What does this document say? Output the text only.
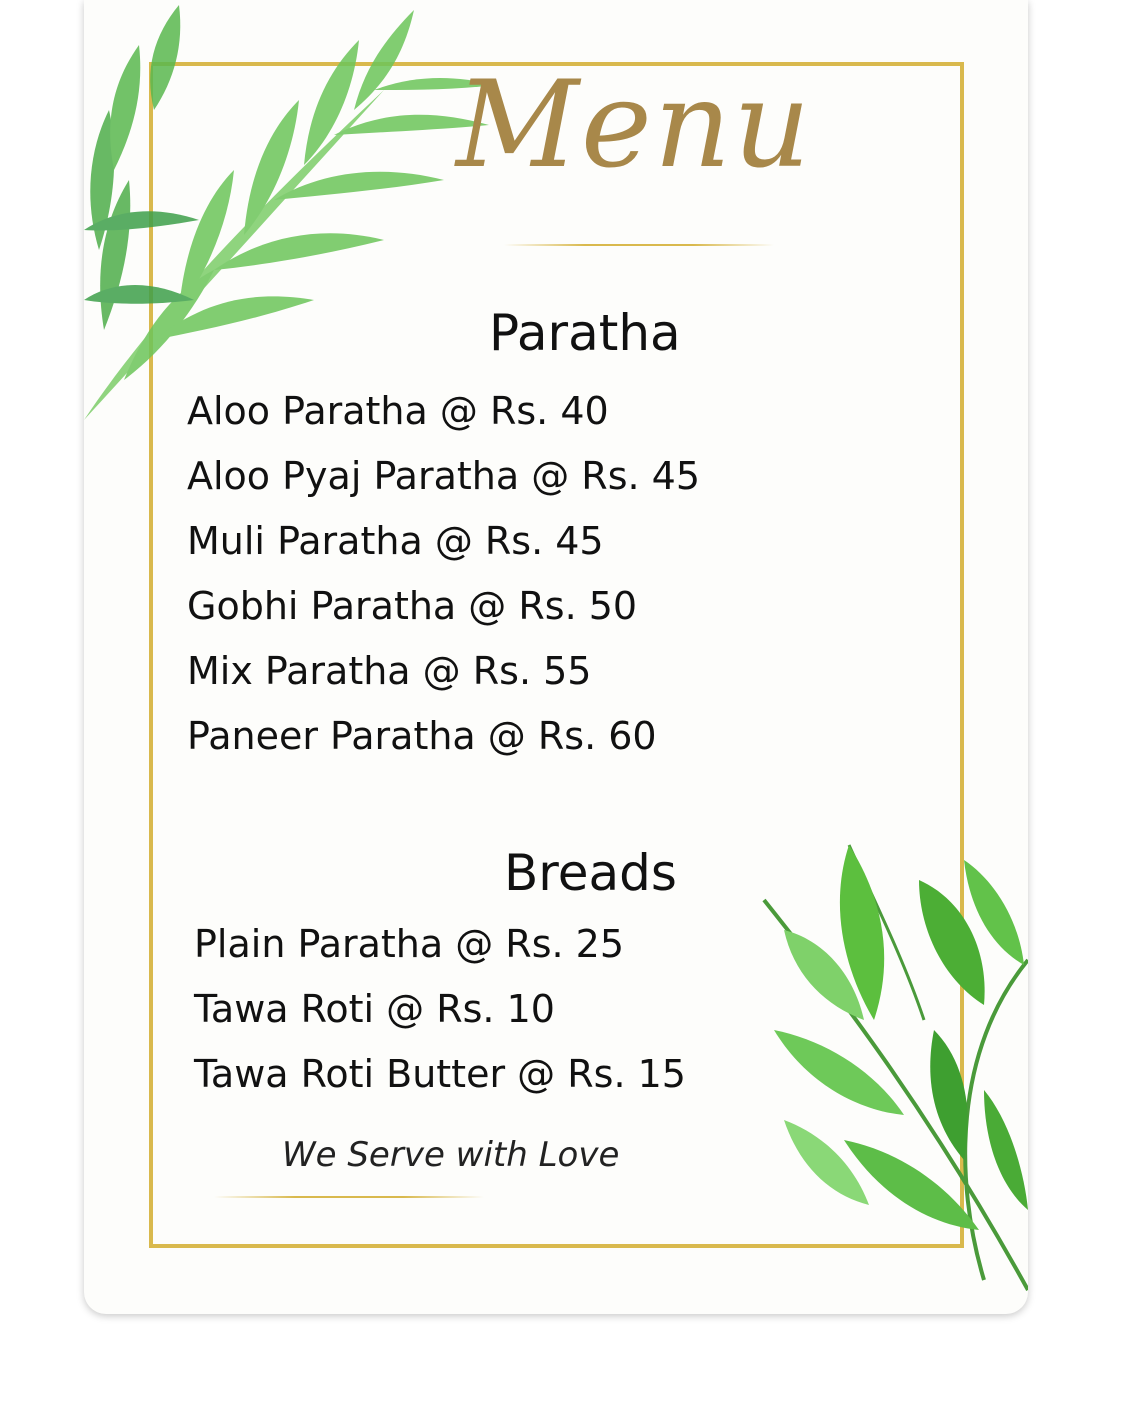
Menu
Paratha
Aloo Paratha @ Rs. 40
Aloo Pyaj Paratha @ Rs. 45
Muli Paratha @ Rs. 45
Gobhi Paratha @ Rs. 50
Mix Paratha @ Rs. 55
Paneer Paratha @ Rs. 60
Breads
Plain Paratha @ Rs. 25
Tawa Roti @ Rs. 10
Tawa Roti Butter @ Rs. 15
We Serve with Love
